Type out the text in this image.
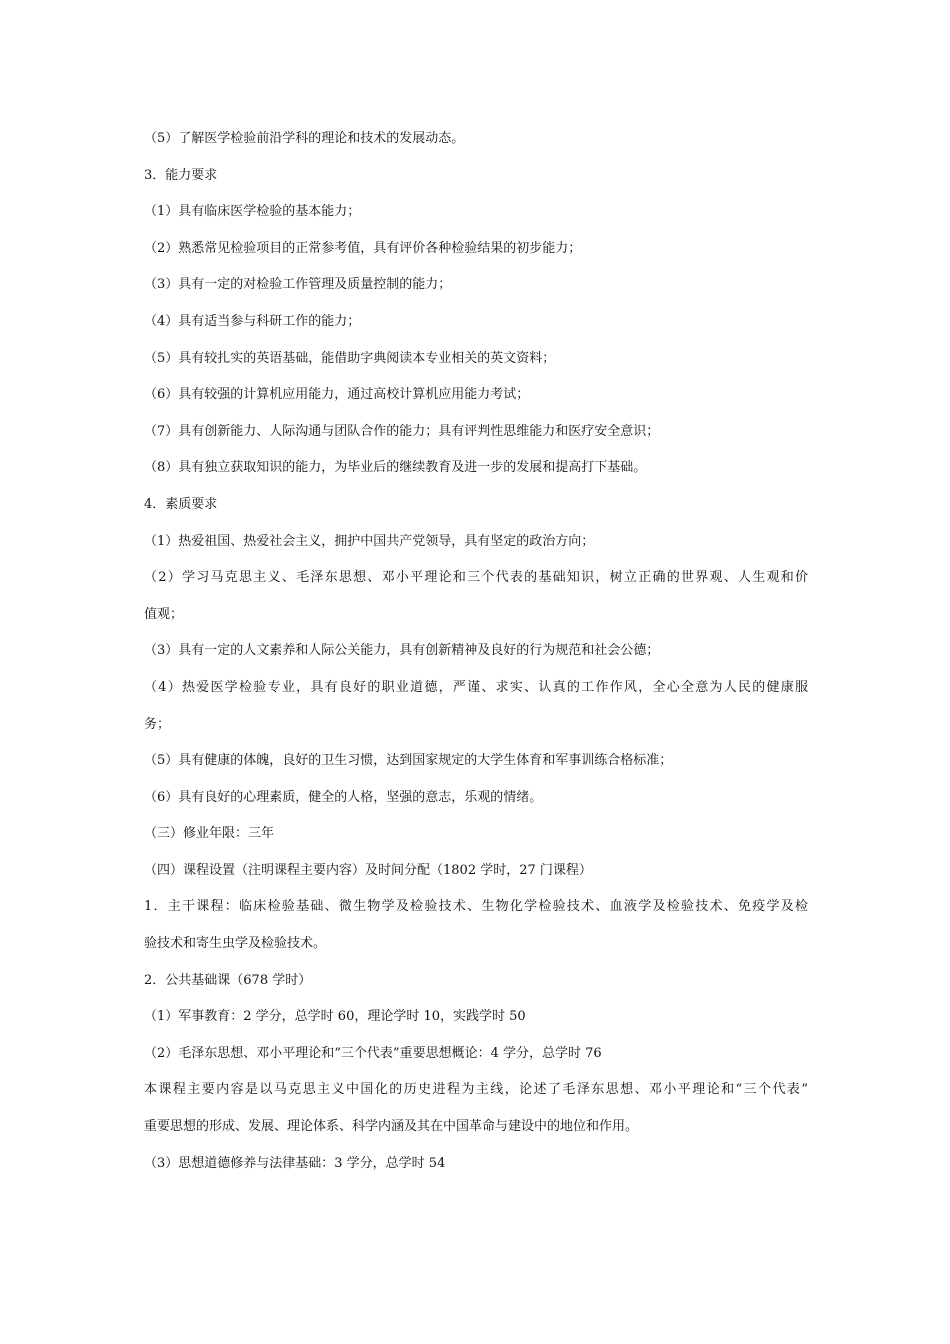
（5）了解医学检验前沿学科的理论和技术的发展动态。
3．能力要求
（1）具有临床医学检验的基本能力；
（2）熟悉常见检验项目的正常参考值，具有评价各种检验结果的初步能力；
（3）具有一定的对检验工作管理及质量控制的能力；
（4）具有适当参与科研工作的能力；
（5）具有较扎实的英语基础，能借助字典阅读本专业相关的英文资料；
（6）具有较强的计算机应用能力，通过高校计算机应用能力考试；
（7）具有创新能力、人际沟通与团队合作的能力；具有评判性思维能力和医疗安全意识；
（8）具有独立获取知识的能力，为毕业后的继续教育及进一步的发展和提高打下基础。
4．素质要求
（1）热爱祖国、热爱社会主义，拥护中国共产党领导，具有坚定的政治方向；
（2）学习马克思主义、毛泽东思想、邓小平理论和三个代表的基础知识，树立正确的世界观、人生观和价
值观；
（3）具有一定的人文素养和人际公关能力，具有创新精神及良好的行为规范和社会公德；
（4）热爱医学检验专业，具有良好的职业道德，严谨、求实、认真的工作作风，全心全意为人民的健康服
务；
（5）具有健康的体魄，良好的卫生习惯，达到国家规定的大学生体育和军事训练合格标准；
（6）具有良好的心理素质，健全的人格，坚强的意志，乐观的情绪。
（三）修业年限：三年
（四）课程设置（注明课程主要内容）及时间分配（1802 学时，27 门课程）
1．主干课程：临床检验基础、微生物学及检验技术、生物化学检验技术、血液学及检验技术、免疫学及检
验技术和寄生虫学及检验技术。
2．公共基础课（678 学时）
（1）军事教育：2 学分，总学时 60，理论学时 10，实践学时 50
（2）毛泽东思想、邓小平理论和“三个代表”重要思想概论：4 学分，总学时 76
本课程主要内容是以马克思主义中国化的历史进程为主线，论述了毛泽东思想、邓小平理论和“三个代表”
重要思想的形成、发展、理论体系、科学内涵及其在中国革命与建设中的地位和作用。
（3）思想道德修养与法律基础：3 学分，总学时 54
